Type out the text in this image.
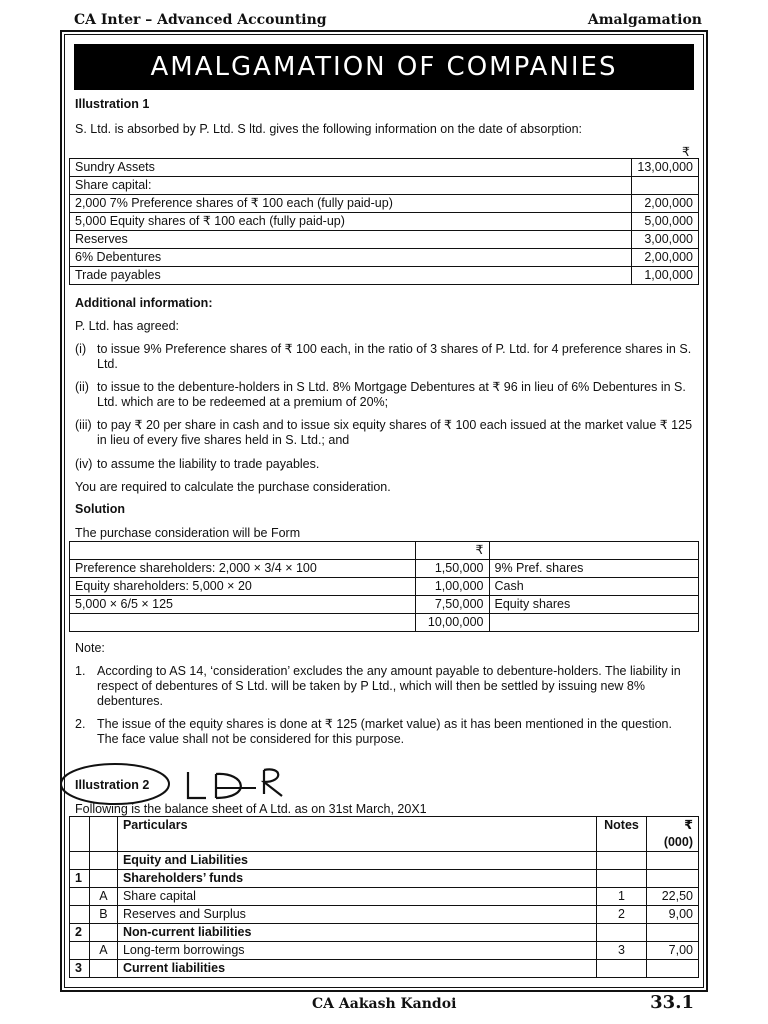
CA Inter – Advanced Accounting	Amalgamation
AMALGAMATION OF COMPANIES
Illustration 1
S. Ltd. is absorbed by P. Ltd. S ltd. gives the following information on the date of absorption:
₹
Sundry Assets	13,00,000
Share capital:	
2,000 7% Preference shares of ₹ 100 each (fully paid-up)	2,00,000
5,000 Equity shares of ₹ 100 each (fully paid-up)	5,00,000
Reserves	3,00,000
6% Debentures	2,00,000
Trade payables	1,00,000
Additional information:
P. Ltd. has agreed:
(i) to issue 9% Preference shares of ₹ 100 each, in the ratio of 3 shares of P. Ltd. for 4 preference shares in S. Ltd.
(ii) to issue to the debenture-holders in S Ltd. 8% Mortgage Debentures at ₹ 96 in lieu of 6% Debentures in S. Ltd. which are to be redeemed at a premium of 20%;
(iii) to pay ₹ 20 per share in cash and to issue six equity shares of ₹ 100 each issued at the market value ₹ 125 in lieu of every five shares held in S. Ltd.; and
(iv) to assume the liability to trade payables.
You are required to calculate the purchase consideration.
Solution
The purchase consideration will be Form
	₹	
Preference shareholders: 2,000 × 3/4 × 100	1,50,000	9% Pref. shares
Equity shareholders: 5,000 × 20	1,00,000	Cash
5,000 × 6/5 × 125	7,50,000	Equity shares
	10,00,000	
Note:
1. According to AS 14, ‘consideration’ excludes the any amount payable to debenture-holders. The liability in respect of debentures of S Ltd. will be taken by P Ltd., which will then be settled by issuing new 8% debentures.
2. The issue of the equity shares is done at ₹ 125 (market value) as it has been mentioned in the question. The face value shall not be considered for this purpose.
Illustration 2
Following is the balance sheet of A Ltd. as on 31st March, 20X1
		Particulars	Notes	₹
(000)

		Equity and Liabilities		
1		Shareholders’ funds		
	A	Share capital	1	22,50
	B	Reserves and Surplus	2	9,00
2		Non-current liabilities		
	A	Long-term borrowings	3	7,00
3		Current liabilities		
CA Aakash Kandoi	33.1
